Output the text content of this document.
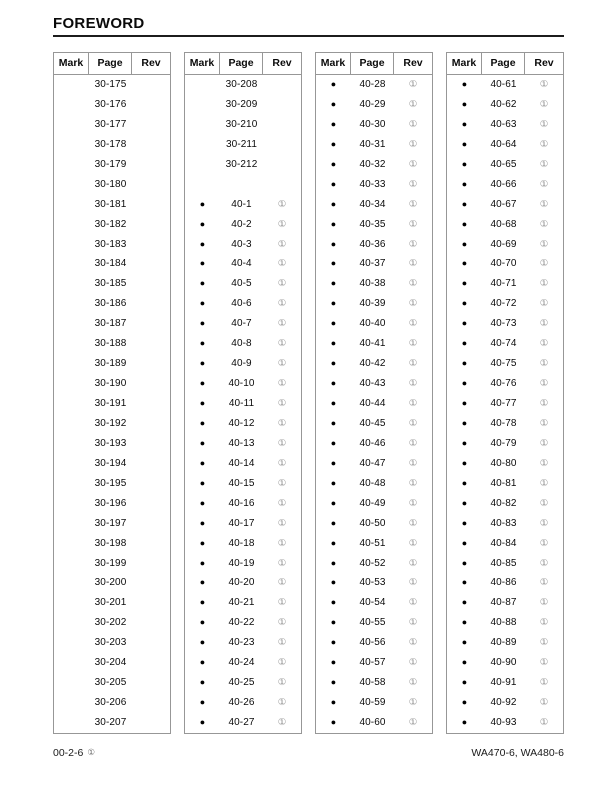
FOREWORD
Mark	Page	Rev
30-175
30-176
30-177
30-178
30-179
30-180
30-181
30-182
30-183
30-184
30-185
30-186
30-187
30-188
30-189
30-190
30-191
30-192
30-193
30-194
30-195
30-196
30-197
30-198
30-199
30-200
30-201
30-202
30-203
30-204
30-205
30-206
30-207
Mark	Page	Rev
30-208
30-209
30-210
30-211
30-212
●	40-1	①
●	40-2	①
●	40-3	①
●	40-4	①
●	40-5	①
●	40-6	①
●	40-7	①
●	40-8	①
●	40-9	①
●	40-10	①
●	40-11	①
●	40-12	①
●	40-13	①
●	40-14	①
●	40-15	①
●	40-16	①
●	40-17	①
●	40-18	①
●	40-19	①
●	40-20	①
●	40-21	①
●	40-22	①
●	40-23	①
●	40-24	①
●	40-25	①
●	40-26	①
●	40-27	①
Mark	Page	Rev
●	40-28	①
●	40-29	①
●	40-30	①
●	40-31	①
●	40-32	①
●	40-33	①
●	40-34	①
●	40-35	①
●	40-36	①
●	40-37	①
●	40-38	①
●	40-39	①
●	40-40	①
●	40-41	①
●	40-42	①
●	40-43	①
●	40-44	①
●	40-45	①
●	40-46	①
●	40-47	①
●	40-48	①
●	40-49	①
●	40-50	①
●	40-51	①
●	40-52	①
●	40-53	①
●	40-54	①
●	40-55	①
●	40-56	①
●	40-57	①
●	40-58	①
●	40-59	①
●	40-60	①
Mark	Page	Rev
●	40-61	①
●	40-62	①
●	40-63	①
●	40-64	①
●	40-65	①
●	40-66	①
●	40-67	①
●	40-68	①
●	40-69	①
●	40-70	①
●	40-71	①
●	40-72	①
●	40-73	①
●	40-74	①
●	40-75	①
●	40-76	①
●	40-77	①
●	40-78	①
●	40-79	①
●	40-80	①
●	40-81	①
●	40-82	①
●	40-83	①
●	40-84	①
●	40-85	①
●	40-86	①
●	40-87	①
●	40-88	①
●	40-89	①
●	40-90	①
●	40-91	①
●	40-92	①
●	40-93	①
00-2-6 ①	WA470-6, WA480-6
